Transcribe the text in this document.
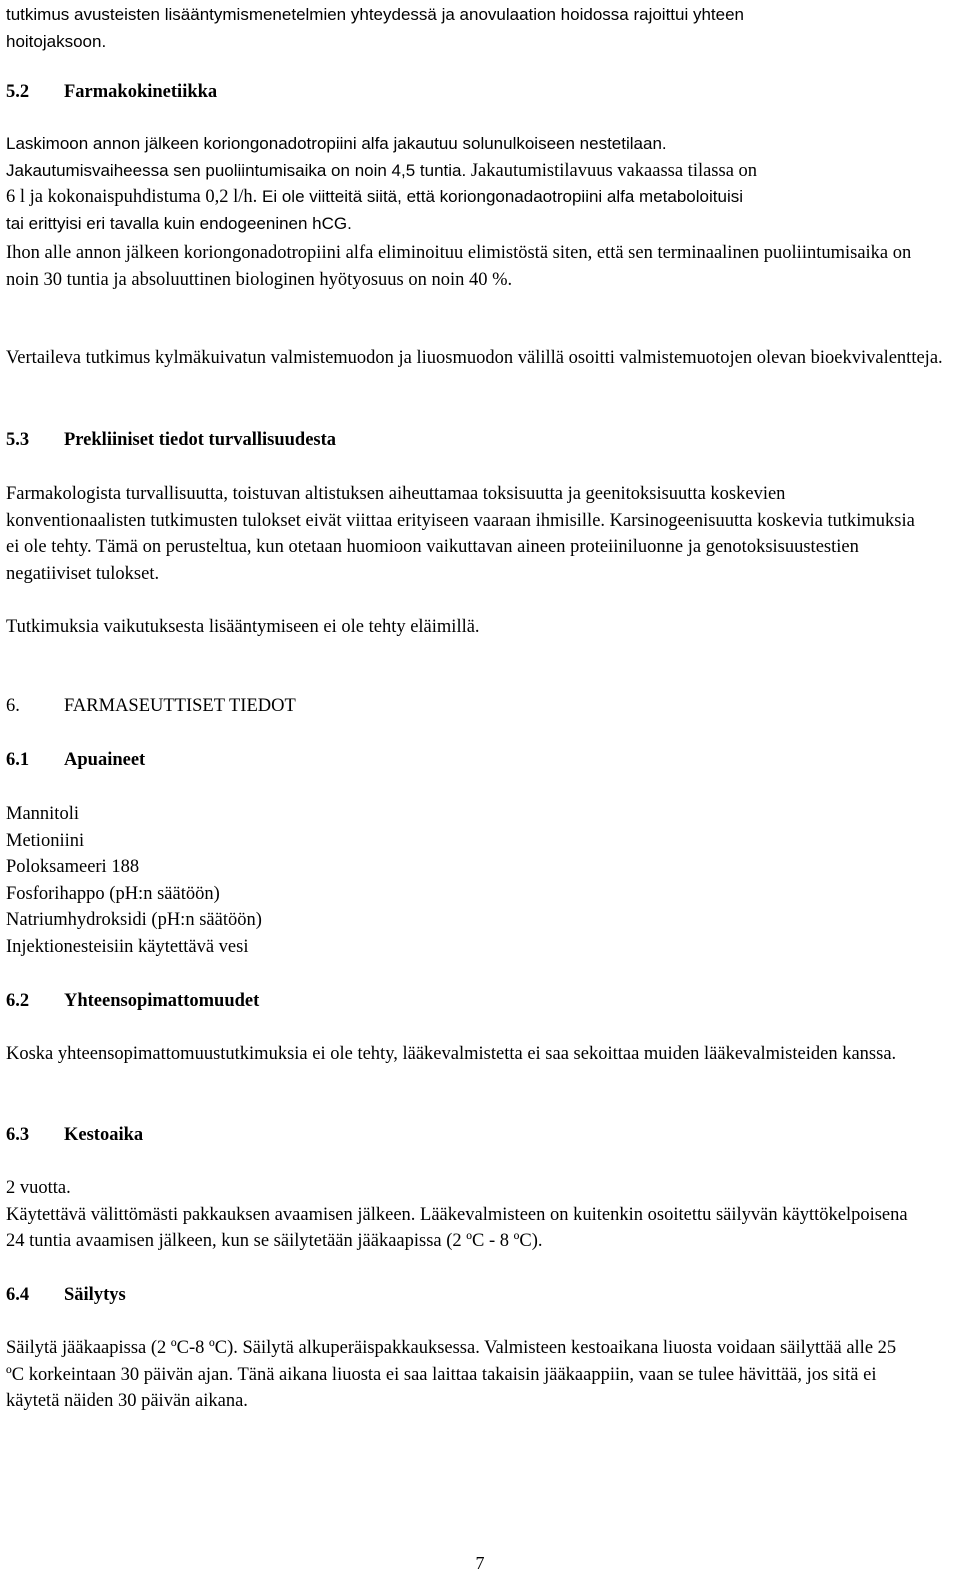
tutkimus avusteisten lisääntymismenetelmien yhteydessä ja anovulaation hoidossa rajoittui yhteen
hoitojaksoon.
5.2	Farmakokinetiikka
Laskimoon annon jälkeen koriongonadotropiini alfa jakautuu solunulkoiseen nestetilaan.
Jakautumisvaiheessa sen puoliintumisaika on noin 4,5 tuntia. Jakautumistilavuus vakaassa tilassa on
6 l ja kokonaispuhdistuma 0,2 l/h. Ei ole viitteitä siitä, että koriongonadaotropiini alfa metaboloituisi
tai erittyisi eri tavalla kuin endogeeninen hCG.

Ihon alle annon jälkeen koriongonadotropiini alfa eliminoituu elimistöstä siten, että sen terminaalinen puoliintumisaika on noin 30 tuntia ja absoluuttinen biologinen hyötyosuus on noin 40 %.

Vertaileva tutkimus kylmäkuivatun valmistemuodon ja liuosmuodon välillä osoitti valmistemuotojen olevan bioekvivalentteja.

5.3	Prekliiniset tiedot turvallisuudesta

Farmakologista turvallisuutta, toistuvan altistuksen aiheuttamaa toksisuutta ja geenitoksisuutta koskevien konventionaalisten tutkimusten tulokset eivät viittaa erityiseen vaaraan ihmisille. Karsinogeenisuutta koskevia tutkimuksia ei ole tehty. Tämä on perusteltua, kun otetaan huomioon vaikuttavan aineen proteiiniluonne ja genotoksisuustestien negatiiviset tulokset.

Tutkimuksia vaikutuksesta lisääntymiseen ei ole tehty eläimillä.

6.	FARMASEUTTISET TIEDOT
6.1	Apuaineet
Mannitoli
Metioniini
Poloksameeri 188
Fosforihappo (pH:n säätöön)
Natriumhydroksidi (pH:n säätöön)
Injektionesteisiin käytettävä vesi
6.2	Yhteensopimattomuudet

Koska yhteensopimattomuustutkimuksia ei ole tehty, lääkevalmistetta ei saa sekoittaa muiden lääkevalmisteiden kanssa.

6.3	Kestoaika
2 vuotta.

Käytettävä välittömästi pakkauksen avaamisen jälkeen. Lääkevalmisteen on kuitenkin osoitettu säilyvän käyttökelpoisena 24 tuntia avaamisen jälkeen, kun se säilytetään jääkaapissa (2 ºC - 8 ºC).

6.4	Säilytys

Säilytä jääkaapissa (2 ºC-8 ºC). Säilytä alkuperäispakkauksessa. Valmisteen kestoaikana liuosta voidaan säilyttää alle 25 ºC korkeintaan 30 päivän ajan. Tänä aikana liuosta ei saa laittaa takaisin jääkaappiin, vaan se tulee hävittää, jos sitä ei käytetä näiden 30 päivän aikana.

7
